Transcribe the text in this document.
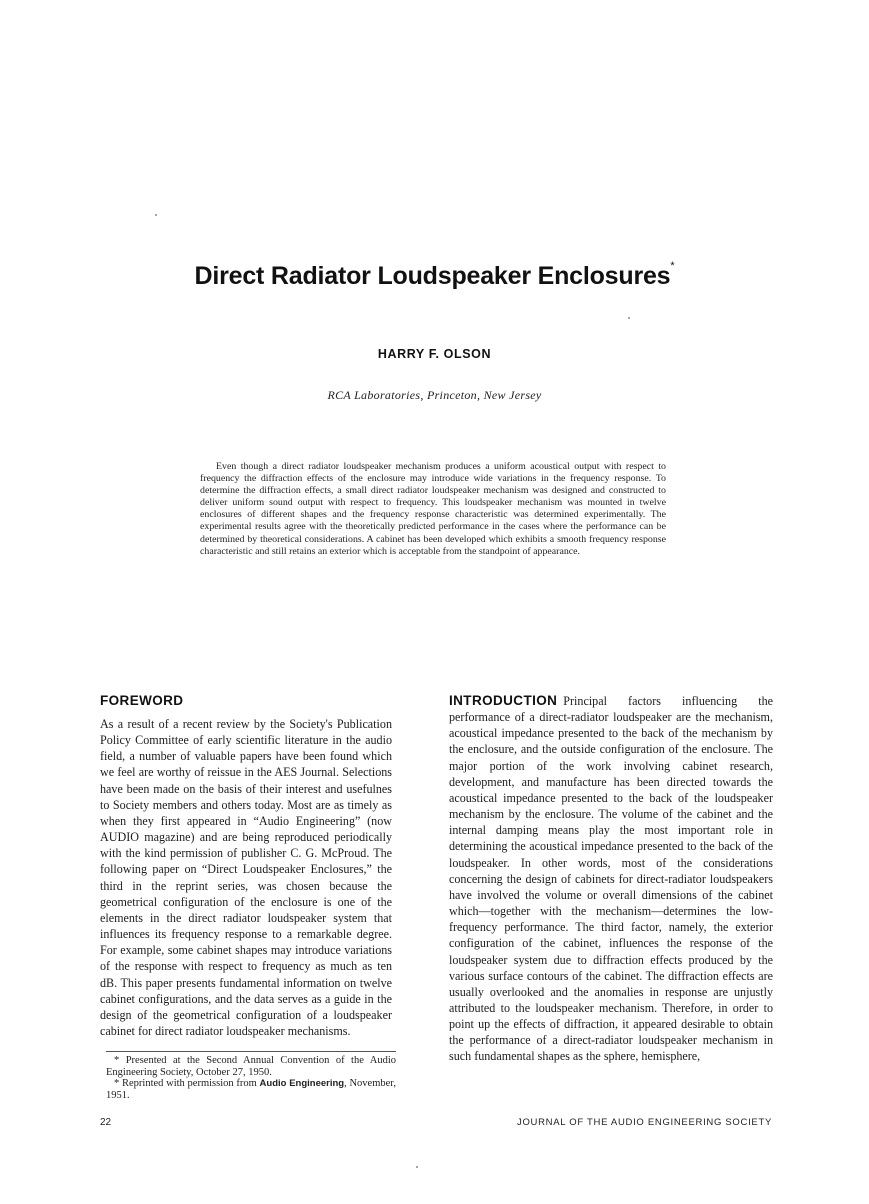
Direct Radiator Loudspeaker Enclosures*
HARRY F. OLSON
RCA Laboratories, Princeton, New Jersey

Even though a direct radiator loudspeaker mechanism produces a uniform acoustical output with respect to frequency the diffraction effects of the enclosure may introduce wide variations in the frequency response. To determine the diffraction effects, a small direct radiator loudspeaker mechanism was designed and constructed to deliver uniform sound output with respect to frequency. This loudspeaker mechanism was mounted in twelve enclosures of different shapes and the frequency response characteristic was determined experimentally. The experimental results agree with the theoretically predicted performance in the cases where the performance can be determined by theoretical considerations. A cabinet has been developed which exhibits a smooth frequency response characteristic and still retains an exterior which is acceptable from the standpoint of appearance.

FOREWORD

As a result of a recent review by the Society's Publication Policy Committee of early scientific literature in the audio field, a number of valuable papers have been found which we feel are worthy of reissue in the AES Journal. Selections have been made on the basis of their interest and usefulnes to Society members and others today. Most are as timely as when they first appeared in “Audio Engineering” (now AUDIO magazine) and are being reproduced periodically with the kind permission of publisher C. G. McProud. The following paper on “Direct Loudspeaker Enclosures,” the third in the reprint series, was chosen because the geometrical configuration of the enclosure is one of the elements in the direct radiator loudspeaker system that influences its frequency response to a remarkable degree. For example, some cabinet shapes may introduce variations of the response with respect to frequency as much as ten dB. This paper presents fundamental information on twelve cabinet configurations, and the data serves as a guide in the design of the geometrical configuration of a loudspeaker cabinet for direct radiator loudspeaker mechanisms.

* Presented at the Second Annual Convention of the Audio Engineering Society, October 27, 1950.

* Reprinted with permission from Audio Engineering, November, 1951.

INTRODUCTION Principal factors influencing the performance of a direct-radiator loudspeaker are the mechanism, acoustical impedance presented to the back of the mechanism by the enclosure, and the outside configuration of the enclosure. The major portion of the work involving cabinet research, development, and manufacture has been directed towards the acoustical impedance presented to the back of the loudspeaker mechanism by the enclosure. The volume of the cabinet and the internal damping means play the most important role in determining the acoustical impedance presented to the back of the loudspeaker. In other words, most of the considerations concerning the design of cabinets for direct-radiator loudspeakers have involved the volume or overall dimensions of the cabinet which—together with the mechanism—determines the low-frequency performance. The third factor, namely, the exterior configuration of the cabinet, influences the response of the loudspeaker system due to diffraction effects produced by the various surface contours of the cabinet. The diffraction effects are usually overlooked and the anomalies in response are unjustly attributed to the loudspeaker mechanism. Therefore, in order to point up the effects of diffraction, it appeared desirable to obtain the performance of a direct-radiator loudspeaker mechanism in such fundamental shapes as the sphere, hemisphere,

22	JOURNAL OF THE AUDIO ENGINEERING SOCIETY
